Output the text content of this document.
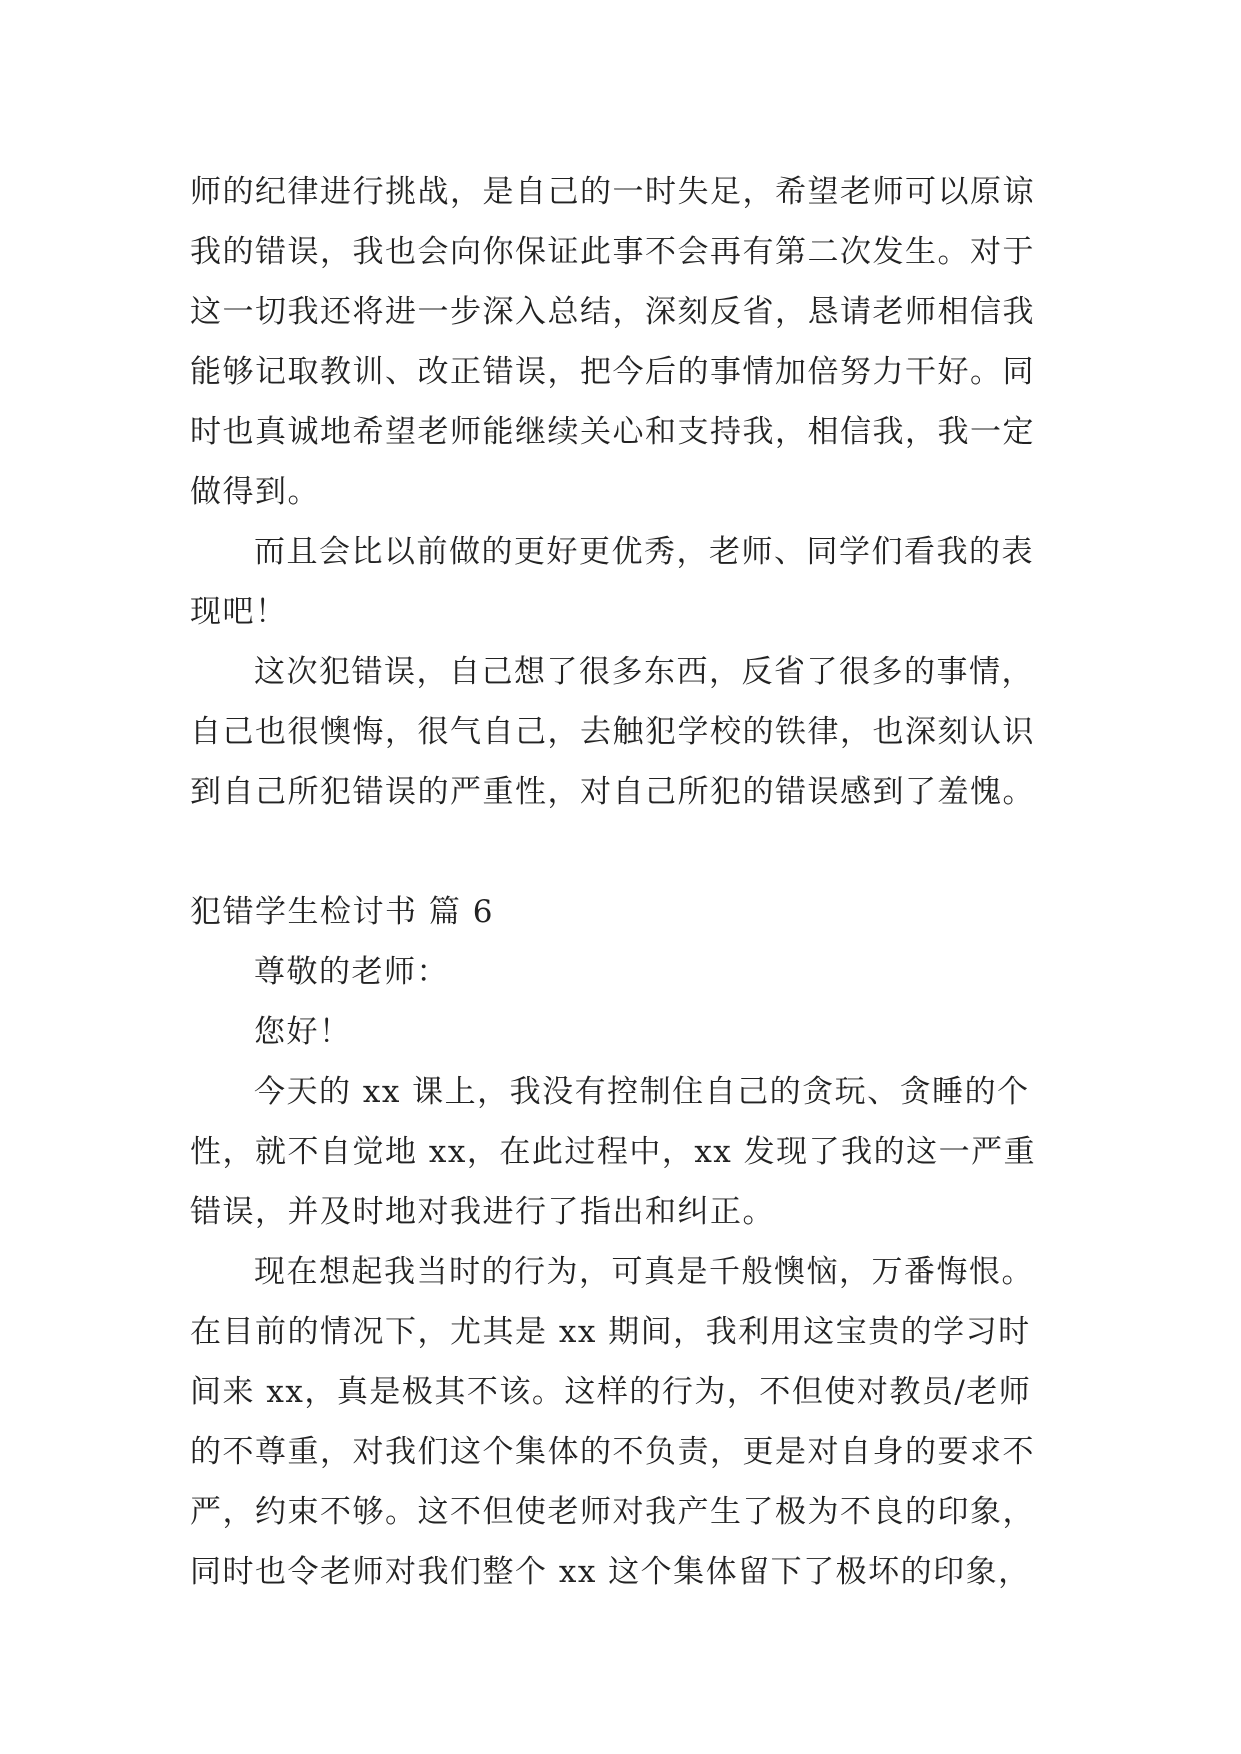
师的纪律进行挑战，是自己的一时失足，希望老师可以原谅
我的错误，我也会向你保证此事不会再有第二次发生。对于
这一切我还将进一步深入总结，深刻反省，恳请老师相信我
能够记取教训、改正错误，把今后的事情加倍努力干好。同
时也真诚地希望老师能继续关心和支持我，相信我，我一定
做得到。
而且会比以前做的更好更优秀，老师、同学们看我的表
现吧！
这次犯错误，自己想了很多东西，反省了很多的事情，
自己也很懊悔，很气自己，去触犯学校的铁律，也深刻认识
到自己所犯错误的严重性，对自己所犯的错误感到了羞愧。
犯错学生检讨书 篇 6
尊敬的老师：
您好！
今天的 xx 课上，我没有控制住自己的贪玩、贪睡的个
性，就不自觉地 xx，在此过程中，xx 发现了我的这一严重
错误，并及时地对我进行了指出和纠正。
现在想起我当时的行为，可真是千般懊恼，万番悔恨。
在目前的情况下，尤其是 xx 期间，我利用这宝贵的学习时
间来 xx，真是极其不该。这样的行为，不但使对教员/老师
的不尊重，对我们这个集体的不负责，更是对自身的要求不
严，约束不够。这不但使老师对我产生了极为不良的印象，
同时也令老师对我们整个 xx 这个集体留下了极坏的印象，
